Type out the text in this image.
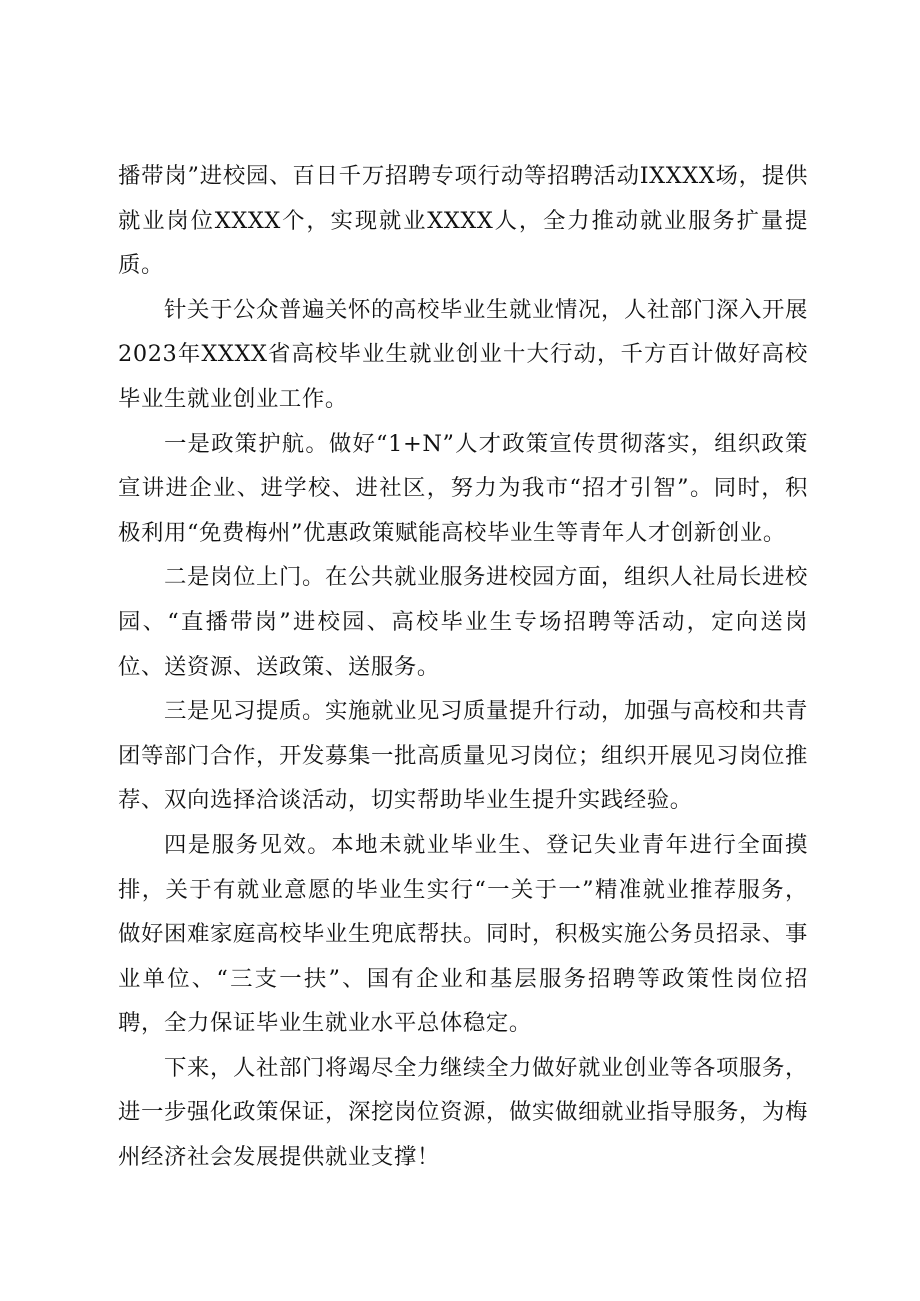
播带岗”进校园、百日千万招聘专项行动等招聘活动IXXXX场，提供就业岗位XXXX个，实现就业XXXX人，全力推动就业服务扩量提质。

针关于公众普遍关怀的高校毕业生就业情况，人社部门深入开展2023年XXXX省高校毕业生就业创业十大行动，千方百计做好高校毕业生就业创业工作。

一是政策护航。做好“1+N”人才政策宣传贯彻落实，组织政策宣讲进企业、进学校、进社区，努力为我市“招才引智”。同时，积极利用“免费梅州”优惠政策赋能高校毕业生等青年人才创新创业。

二是岗位上门。在公共就业服务进校园方面，组织人社局长进校园、“直播带岗”进校园、高校毕业生专场招聘等活动，定向送岗位、送资源、送政策、送服务。

三是见习提质。实施就业见习质量提升行动，加强与高校和共青团等部门合作，开发募集一批高质量见习岗位；组织开展见习岗位推荐、双向选择洽谈活动，切实帮助毕业生提升实践经验。

四是服务见效。本地未就业毕业生、登记失业青年进行全面摸排，关于有就业意愿的毕业生实行“一关于一”精准就业推荐服务，做好困难家庭高校毕业生兜底帮扶。同时，积极实施公务员招录、事业单位、“三支一扶”、国有企业和基层服务招聘等政策性岗位招聘，全力保证毕业生就业水平总体稳定。

下来，人社部门将竭尽全力继续全力做好就业创业等各项服务，进一步强化政策保证，深挖岗位资源，做实做细就业指导服务，为梅州经济社会发展提供就业支撑！
